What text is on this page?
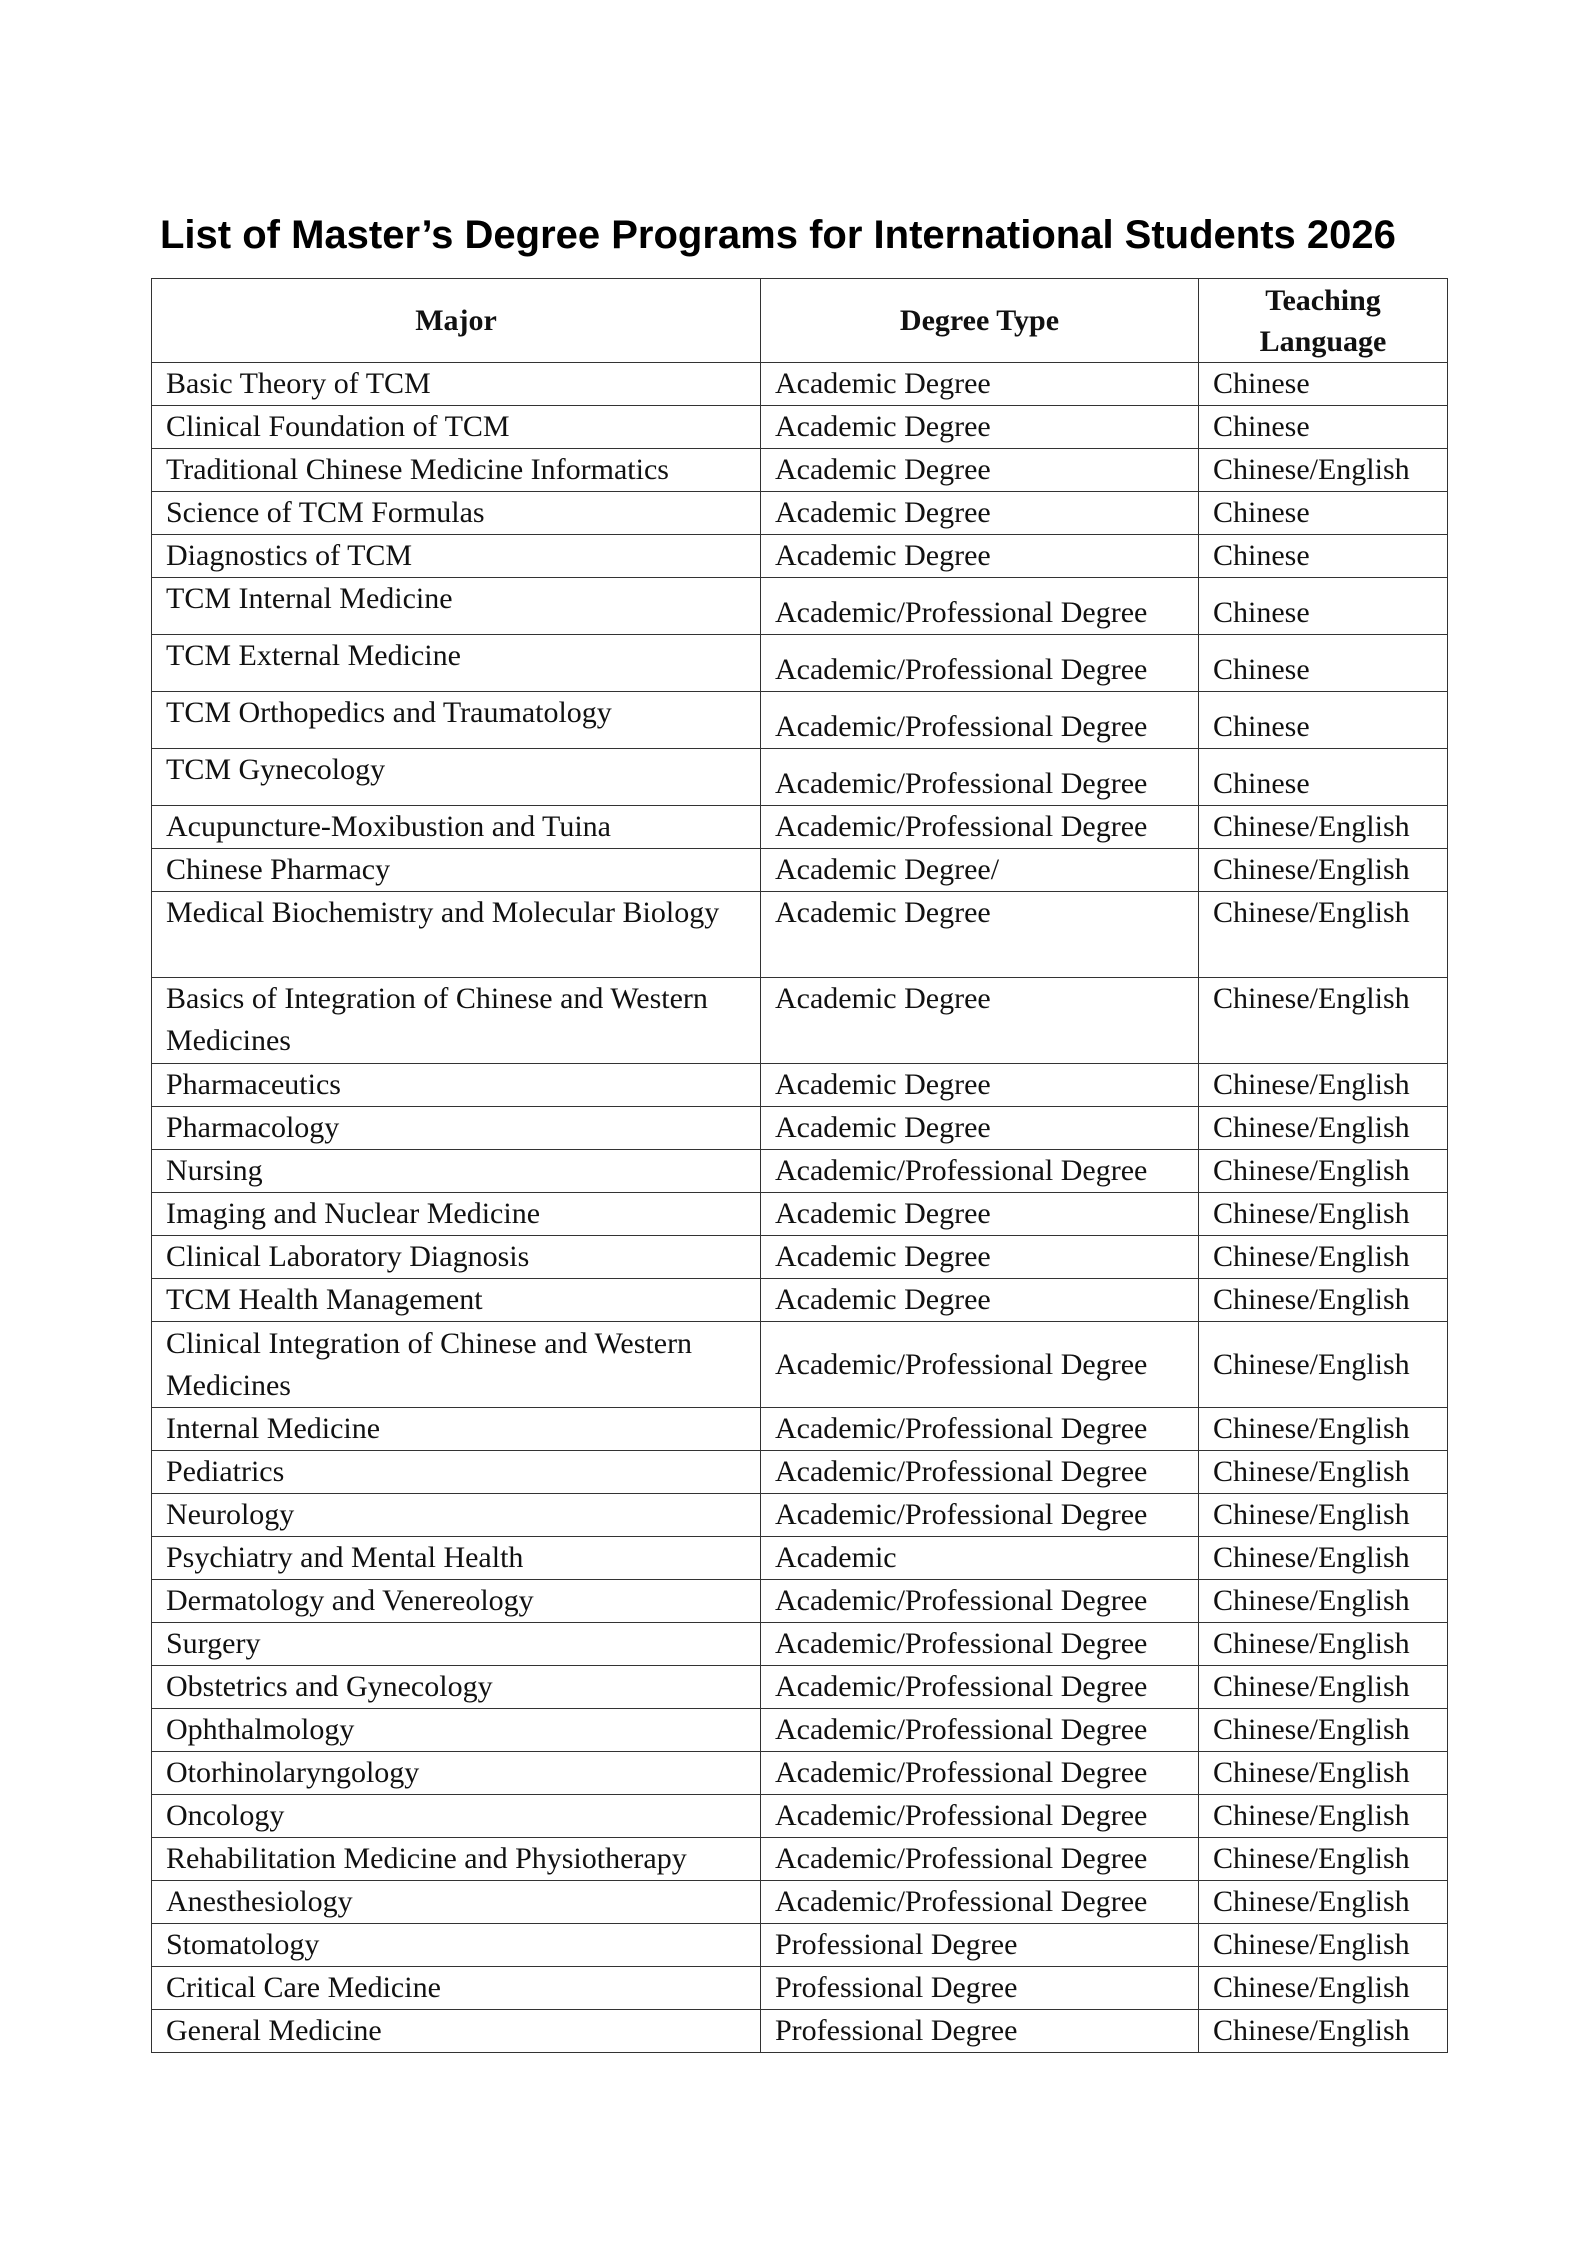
List of Master’s Degree Programs for International Students 2026
Major	Degree Type	Teaching Language
Basic Theory of TCM	Academic Degree	Chinese
Clinical Foundation of TCM	Academic Degree	Chinese
Traditional Chinese Medicine Informatics	Academic Degree	Chinese/English
Science of TCM Formulas	Academic Degree	Chinese
Diagnostics of TCM	Academic Degree	Chinese
TCM Internal Medicine	Academic/Professional Degree	Chinese
TCM External Medicine	Academic/Professional Degree	Chinese
TCM Orthopedics and Traumatology	Academic/Professional Degree	Chinese
TCM Gynecology	Academic/Professional Degree	Chinese
Acupuncture-Moxibustion and Tuina	Academic/Professional Degree	Chinese/English
Chinese Pharmacy	Academic Degree/	Chinese/English
Medical Biochemistry and Molecular Biology	Academic Degree	Chinese/English
Basics of Integration of Chinese and Western Medicines	Academic Degree	Chinese/English
Pharmaceutics	Academic Degree	Chinese/English
Pharmacology	Academic Degree	Chinese/English
Nursing	Academic/Professional Degree	Chinese/English
Imaging and Nuclear Medicine	Academic Degree	Chinese/English
Clinical Laboratory Diagnosis	Academic Degree	Chinese/English
TCM Health Management	Academic Degree	Chinese/English
Clinical Integration of Chinese and Western Medicines	Academic/Professional Degree	Chinese/English
Internal Medicine	Academic/Professional Degree	Chinese/English
Pediatrics	Academic/Professional Degree	Chinese/English
Neurology	Academic/Professional Degree	Chinese/English
Psychiatry and Mental Health	Academic	Chinese/English
Dermatology and Venereology	Academic/Professional Degree	Chinese/English
Surgery	Academic/Professional Degree	Chinese/English
Obstetrics and Gynecology	Academic/Professional Degree	Chinese/English
Ophthalmology	Academic/Professional Degree	Chinese/English
Otorhinolaryngology	Academic/Professional Degree	Chinese/English
Oncology	Academic/Professional Degree	Chinese/English
Rehabilitation Medicine and Physiotherapy	Academic/Professional Degree	Chinese/English
Anesthesiology	Academic/Professional Degree	Chinese/English
Stomatology	Professional Degree	Chinese/English
Critical Care Medicine	Professional Degree	Chinese/English
General Medicine	Professional Degree	Chinese/English
